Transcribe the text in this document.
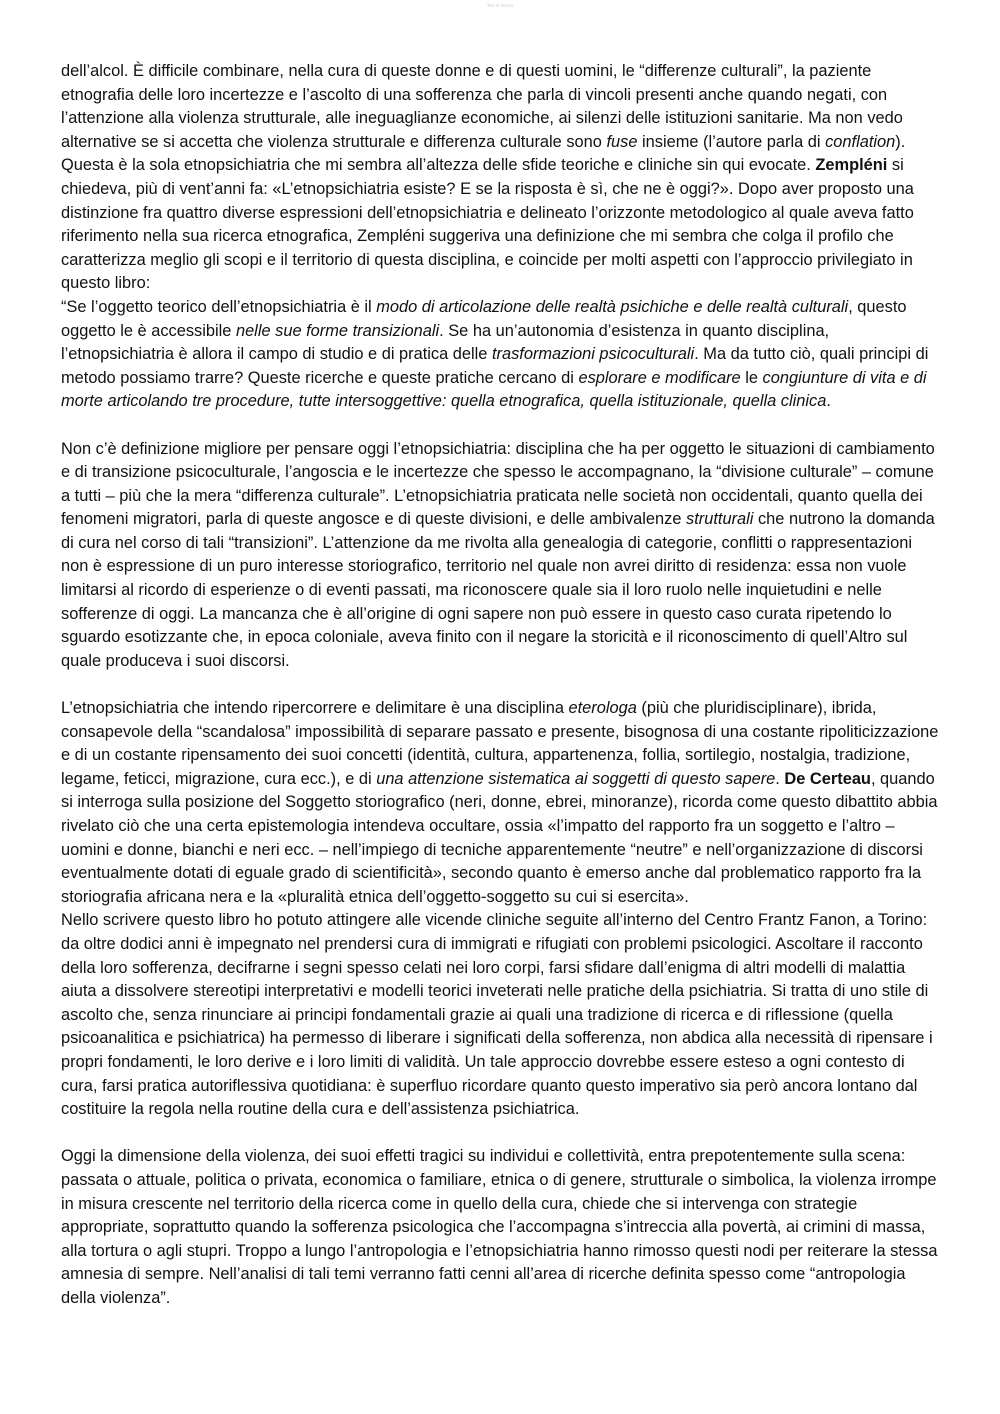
Tesi di laurea

dell’alcol. È difficile combinare, nella cura di queste donne e di questi uomini, le “differenze culturali”, la paziente etnografia delle loro incertezze e l’ascolto di una sofferenza che parla di vincoli presenti anche quando negati, con l’attenzione alla violenza strutturale, alle ineguaglianze economiche, ai silenzi delle istituzioni sanitarie. Ma non vedo alternative se si accetta che violenza strutturale e differenza culturale sono fuse insieme (l’autore parla di conflation). Questa è la sola etnopsichiatria che mi sembra all’altezza delle sfide teoriche e cliniche sin qui evocate. Zempléni si chiedeva, più di vent’anni fa: «L’etnopsichiatria esiste? E se la risposta è sì, che ne è oggi?». Dopo aver proposto una distinzione fra quattro diverse espressioni dell’etnopsichiatria e delineato l’orizzonte metodologico al quale aveva fatto riferimento nella sua ricerca etnografica, Zempléni suggeriva una definizione che mi sembra che colga il profilo che caratterizza meglio gli scopi e il territorio di questa disciplina, e coincide per molti aspetti con l’approccio privilegiato in questo libro:

“Se l’oggetto teorico dell’etnopsichiatria è il modo di articolazione delle realtà psichiche e delle realtà culturali, questo oggetto le è accessibile nelle sue forme transizionali. Se ha un’autonomia d’esistenza in quanto disciplina, l’etnopsichiatria è allora il campo di studio e di pratica delle trasformazioni psicoculturali. Ma da tutto ciò, quali principi di metodo possiamo trarre? Queste ricerche e queste pratiche cercano di esplorare e modificare le congiunture di vita e di morte articolando tre procedure, tutte intersoggettive: quella etnografica, quella istituzionale, quella clinica.

Non c’è definizione migliore per pensare oggi l’etnopsichiatria: disciplina che ha per oggetto le situazioni di cambiamento e di transizione psicoculturale, l’angoscia e le incertezze che spesso le accompagnano, la “divisione culturale” – comune a tutti – più che la mera “differenza culturale”. L’etnopsichiatria praticata nelle società non occidentali, quanto quella dei fenomeni migratori, parla di queste angosce e di queste divisioni, e delle ambivalenze strutturali che nutrono la domanda di cura nel corso di tali “transizioni”. L’attenzione da me rivolta alla genealogia di categorie, conflitti o rappresentazioni non è espressione di un puro interesse storiografico, territorio nel quale non avrei diritto di residenza: essa non vuole limitarsi al ricordo di esperienze o di eventi passati, ma riconoscere quale sia il loro ruolo nelle inquietudini e nelle sofferenze di oggi. La mancanza che è all’origine di ogni sapere non può essere in questo caso curata ripetendo lo sguardo esotizzante che, in epoca coloniale, aveva finito con il negare la storicità e il riconoscimento di quell’Altro sul quale produceva i suoi discorsi.

L’etnopsichiatria che intendo ripercorrere e delimitare è una disciplina eterologa (più che pluridisciplinare), ibrida, consapevole della “scandalosa” impossibilità di separare passato e presente, bisognosa di una costante ripoliticizzazione e di un costante ripensamento dei suoi concetti (identità, cultura, appartenenza, follia, sortilegio, nostalgia, tradizione, legame, feticci, migrazione, cura ecc.), e di una attenzione sistematica ai soggetti di questo sapere. De Certeau, quando si interroga sulla posizione del Soggetto storiografico (neri, donne, ebrei, minoranze), ricorda come questo dibattito abbia rivelato ciò che una certa epistemologia intendeva occultare, ossia «l’impatto del rapporto fra un soggetto e l’altro – uomini e donne, bianchi e neri ecc. – nell’impiego di tecniche apparentemente “neutre” e nell’organizzazione di discorsi eventualmente dotati di eguale grado di scientificità», secondo quanto è emerso anche dal problematico rapporto fra la storiografia africana nera e la «pluralità etnica dell’oggetto-soggetto su cui si esercita».

Nello scrivere questo libro ho potuto attingere alle vicende cliniche seguite all’interno del Centro Frantz Fanon, a Torino: da oltre dodici anni è impegnato nel prendersi cura di immigrati e rifugiati con problemi psicologici. Ascoltare il racconto della loro sofferenza, decifrarne i segni spesso celati nei loro corpi, farsi sfidare dall’enigma di altri modelli di malattia aiuta a dissolvere stereotipi interpretativi e modelli teorici inveterati nelle pratiche della psichiatria. Si tratta di uno stile di ascolto che, senza rinunciare ai principi fondamentali grazie ai quali una tradizione di ricerca e di riflessione (quella psicoanalitica e psichiatrica) ha permesso di liberare i significati della sofferenza, non abdica alla necessità di ripensare i propri fondamenti, le loro derive e i loro limiti di validità. Un tale approccio dovrebbe essere esteso a ogni contesto di cura, farsi pratica autoriflessiva quotidiana: è superfluo ricordare quanto questo imperativo sia però ancora lontano dal costituire la regola nella routine della cura e dell’assistenza psichiatrica.

Oggi la dimensione della violenza, dei suoi effetti tragici su individui e collettività, entra prepotentemente sulla scena: passata o attuale, politica o privata, economica o familiare, etnica o di genere, strutturale o simbolica, la violenza irrompe in misura crescente nel territorio della ricerca come in quello della cura, chiede che si intervenga con strategie appropriate, soprattutto quando la sofferenza psicologica che l’accompagna s’intreccia alla povertà, ai crimini di massa, alla tortura o agli stupri. Troppo a lungo l’antropologia e l’etnopsichiatria hanno rimosso questi nodi per reiterare la stessa amnesia di sempre. Nell’analisi di tali temi verranno fatti cenni all’area di ricerche definita spesso come “antropologia della violenza”.
